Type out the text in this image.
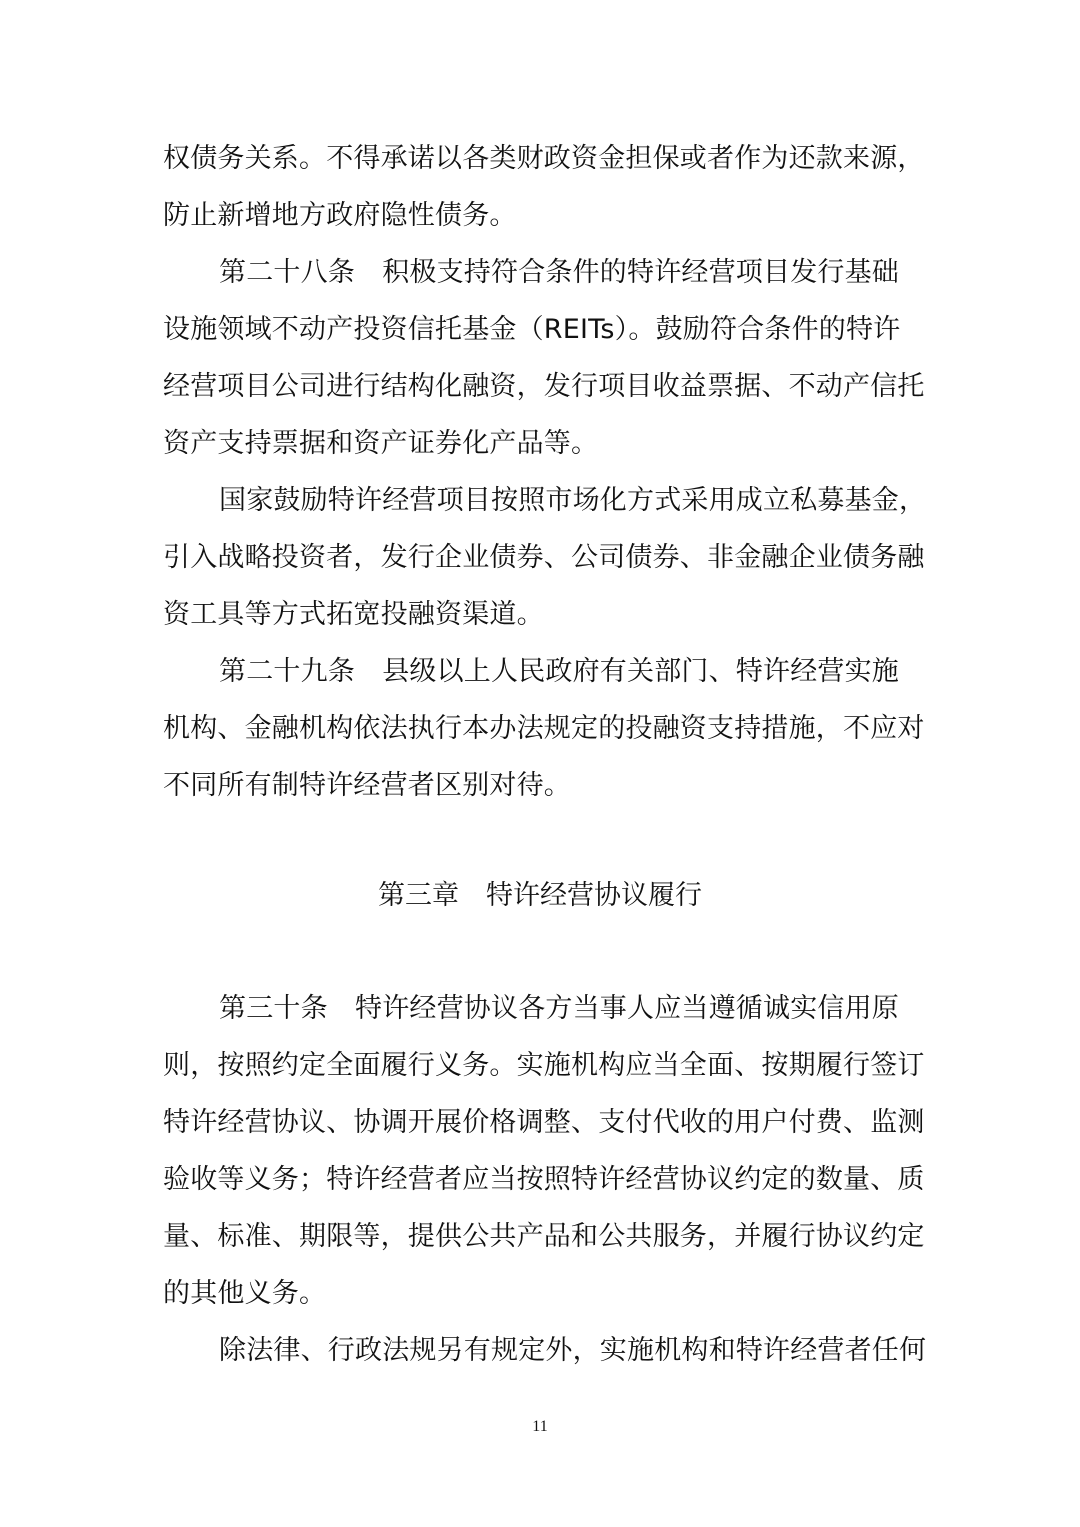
权债务关系。不得承诺以各类财政资金担保或者作为还款来源，
防止新增地方政府隐性债务。
第二十八条　积极支持符合条件的特许经营项目发行基础
设施领域不动产投资信托基金（REITs）。鼓励符合条件的特许
经营项目公司进行结构化融资，发行项目收益票据、不动产信托
资产支持票据和资产证券化产品等。
国家鼓励特许经营项目按照市场化方式采用成立私募基金，
引入战略投资者，发行企业债券、公司债券、非金融企业债务融
资工具等方式拓宽投融资渠道。
第二十九条　县级以上人民政府有关部门、特许经营实施
机构、金融机构依法执行本办法规定的投融资支持措施，不应对
不同所有制特许经营者区别对待。
第三章　特许经营协议履行
第三十条　特许经营协议各方当事人应当遵循诚实信用原
则，按照约定全面履行义务。实施机构应当全面、按期履行签订
特许经营协议、协调开展价格调整、支付代收的用户付费、监测
验收等义务；特许经营者应当按照特许经营协议约定的数量、质
量、标准、期限等，提供公共产品和公共服务，并履行协议约定
的其他义务。
除法律、行政法规另有规定外，实施机构和特许经营者任何
11
